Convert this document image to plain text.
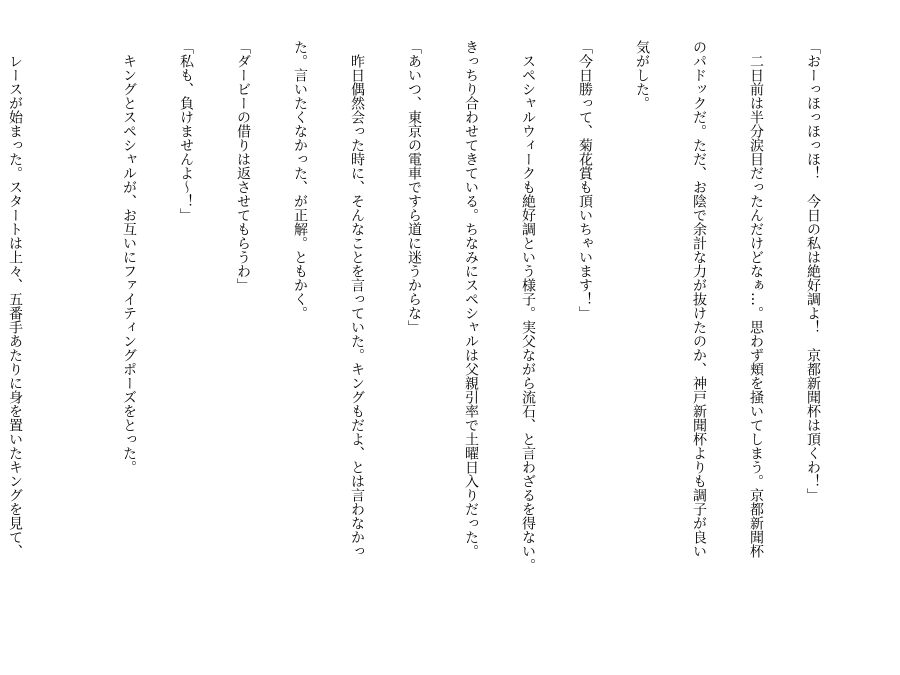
「おーっほっほっほ！　今日の私は絶好調よ！　京都新聞杯は頂くわ！」

　二日前は半分涙目だったんだけどなぁ…。思わず頬を掻いてしまう。京都新聞杯

のパドックだ。ただ、お陰で余計な力が抜けたのか、神戸新聞杯よりも調子が良い

気がした。

「今日勝って、菊花賞も頂いちゃいます！」

　スペシャルウィークも絶好調という様子。実父ながら流石、と言わざるを得ない。

きっちり合わせてきている。ちなみにスペシャルは父親引率で土曜日入りだった。

「あいつ、東京の電車ですら道に迷うからな」

　昨日偶然会った時に、そんなことを言っていた。キングもだよ、とは言わなかっ

た。言いたくなかった、が正解。ともかく。

「ダービーの借りは返させてもらうわ」

「私も、負けませんよ～！」

　キングとスペシャルが、お互いにファイティングポーズをとった。

　レースが始まった。スタートは上々、五番手あたりに身を置いたキングを見て、
